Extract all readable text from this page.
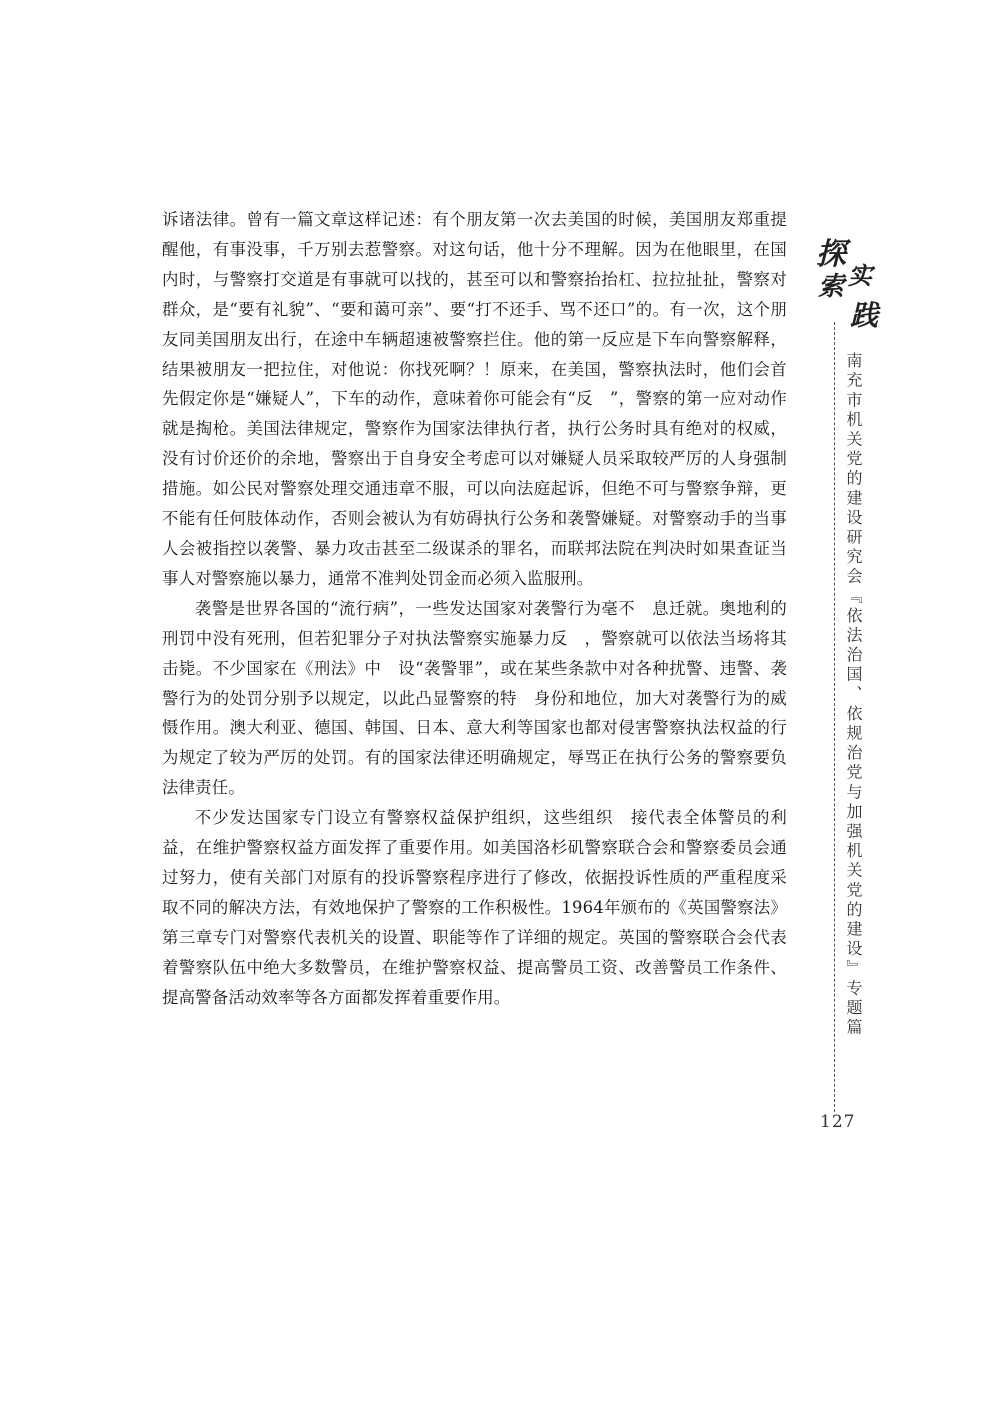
诉诸法律。曾有一篇文章这样记述：有个朋友第一次去美国的时候，美国朋友郑重提醒他，有事没事，千万别去惹警察。对这句话，他十分不理解。因为在他眼里，在国内时，与警察打交道是有事就可以找的，甚至可以和警察抬抬杠、拉拉扯扯，警察对群众，是“要有礼貌”、“要和蔼可亲”、要“打不还手、骂不还口”的。有一次，这个朋友同美国朋友出行，在途中车辆超速被警察拦住。他的第一反应是下车向警察解释，结果被朋友一把拉住，对他说：你找死啊？！原来，在美国，警察执法时，他们会首先假定你是“嫌疑人”，下车的动作，意味着你可能会有“反　”，警察的第一应对动作就是掏枪。美国法律规定，警察作为国家法律执行者，执行公务时具有绝对的权威，没有讨价还价的余地，警察出于自身安全考虑可以对嫌疑人员采取较严厉的人身强制措施。如公民对警察处理交通违章不服，可以向法庭起诉，但绝不可与警察争辩，更不能有任何肢体动作，否则会被认为有妨碍执行公务和袭警嫌疑。对警察动手的当事人会被指控以袭警、暴力攻击甚至二级谋杀的罪名，而联邦法院在判决时如果查证当事人对警察施以暴力，通常不准判处罚金而必须入监服刑。

袭警是世界各国的“流行病”，一些发达国家对袭警行为毫不　息迁就。奥地利的刑罚中没有死刑，但若犯罪分子对执法警察实施暴力反　，警察就可以依法当场将其击毙。不少国家在《刑法》中　设“袭警罪”，或在某些条款中对各种扰警、违警、袭警行为的处罚分别予以规定，以此凸显警察的特　身份和地位，加大对袭警行为的威慑作用。澳大利亚、德国、韩国、日本、意大利等国家也都对侵害警察执法权益的行为规定了较为严厉的处罚。有的国家法律还明确规定，辱骂正在执行公务的警察要负法律责任。

不少发达国家专门设立有警察权益保护组织，这些组织　接代表全体警员的利益，在维护警察权益方面发挥了重要作用。如美国洛杉矶警察联合会和警察委员会通过努力，使有关部门对原有的投诉警察程序进行了修改，依据投诉性质的严重程度采取不同的解决方法，有效地保护了警察的工作积极性。1964年颁布的《英国警察法》第三章专门对警察代表机关的设置、职能等作了详细的规定。英国的警察联合会代表着警察队伍中绝大多数警员，在维护警察权益、提高警员工资、改善警员工作条件、提高警备活动效率等各方面都发挥着重要作用。

探
索 实
践
南充市机关党的建设研究会『依法治国、依规治党与加强机关党的建设』专题篇
127
